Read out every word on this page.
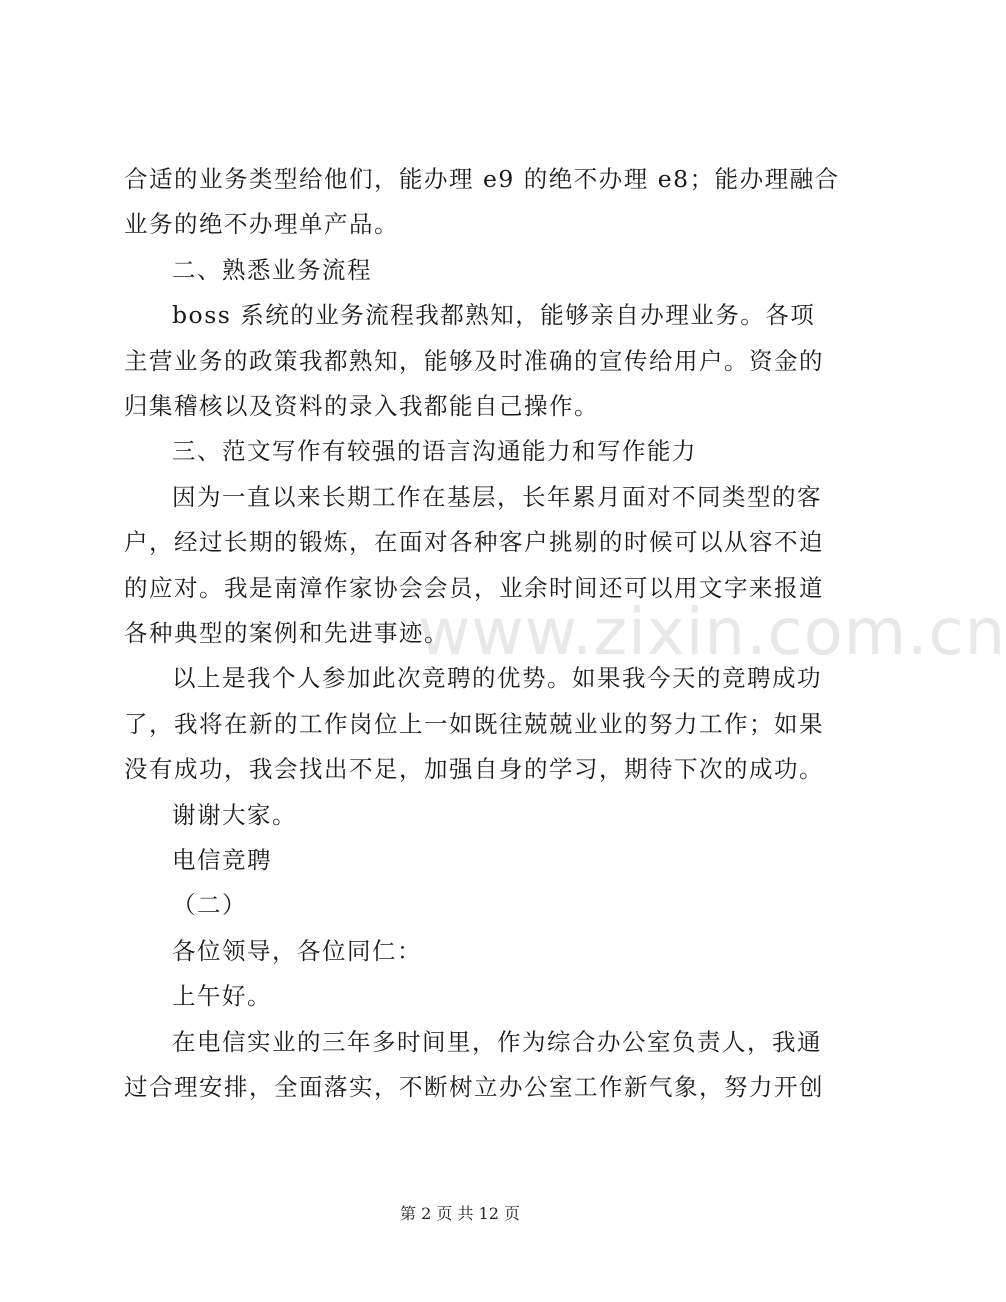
www.zixin.com.cn
合适的业务类型给他们，能办理 e9 的绝不办理 e8；能办理融合
业务的绝不办理单产品。
二、熟悉业务流程
boss 系统的业务流程我都熟知，能够亲自办理业务。各项
主营业务的政策我都熟知，能够及时准确的宣传给用户。资金的
归集稽核以及资料的录入我都能自己操作。
三、范文写作有较强的语言沟通能力和写作能力
因为一直以来长期工作在基层，长年累月面对不同类型的客
户，经过长期的锻炼，在面对各种客户挑剔的时候可以从容不迫
的应对。我是南漳作家协会会员，业余时间还可以用文字来报道
各种典型的案例和先进事迹。
以上是我个人参加此次竞聘的优势。如果我今天的竞聘成功
了，我将在新的工作岗位上一如既往兢兢业业的努力工作；如果
没有成功，我会找出不足，加强自身的学习，期待下次的成功。
谢谢大家。
电信竞聘
（二）
各位领导，各位同仁：
上午好。
在电信实业的三年多时间里，作为综合办公室负责人，我通
过合理安排，全面落实，不断树立办公室工作新气象，努力开创
第 2 页 共 12 页
